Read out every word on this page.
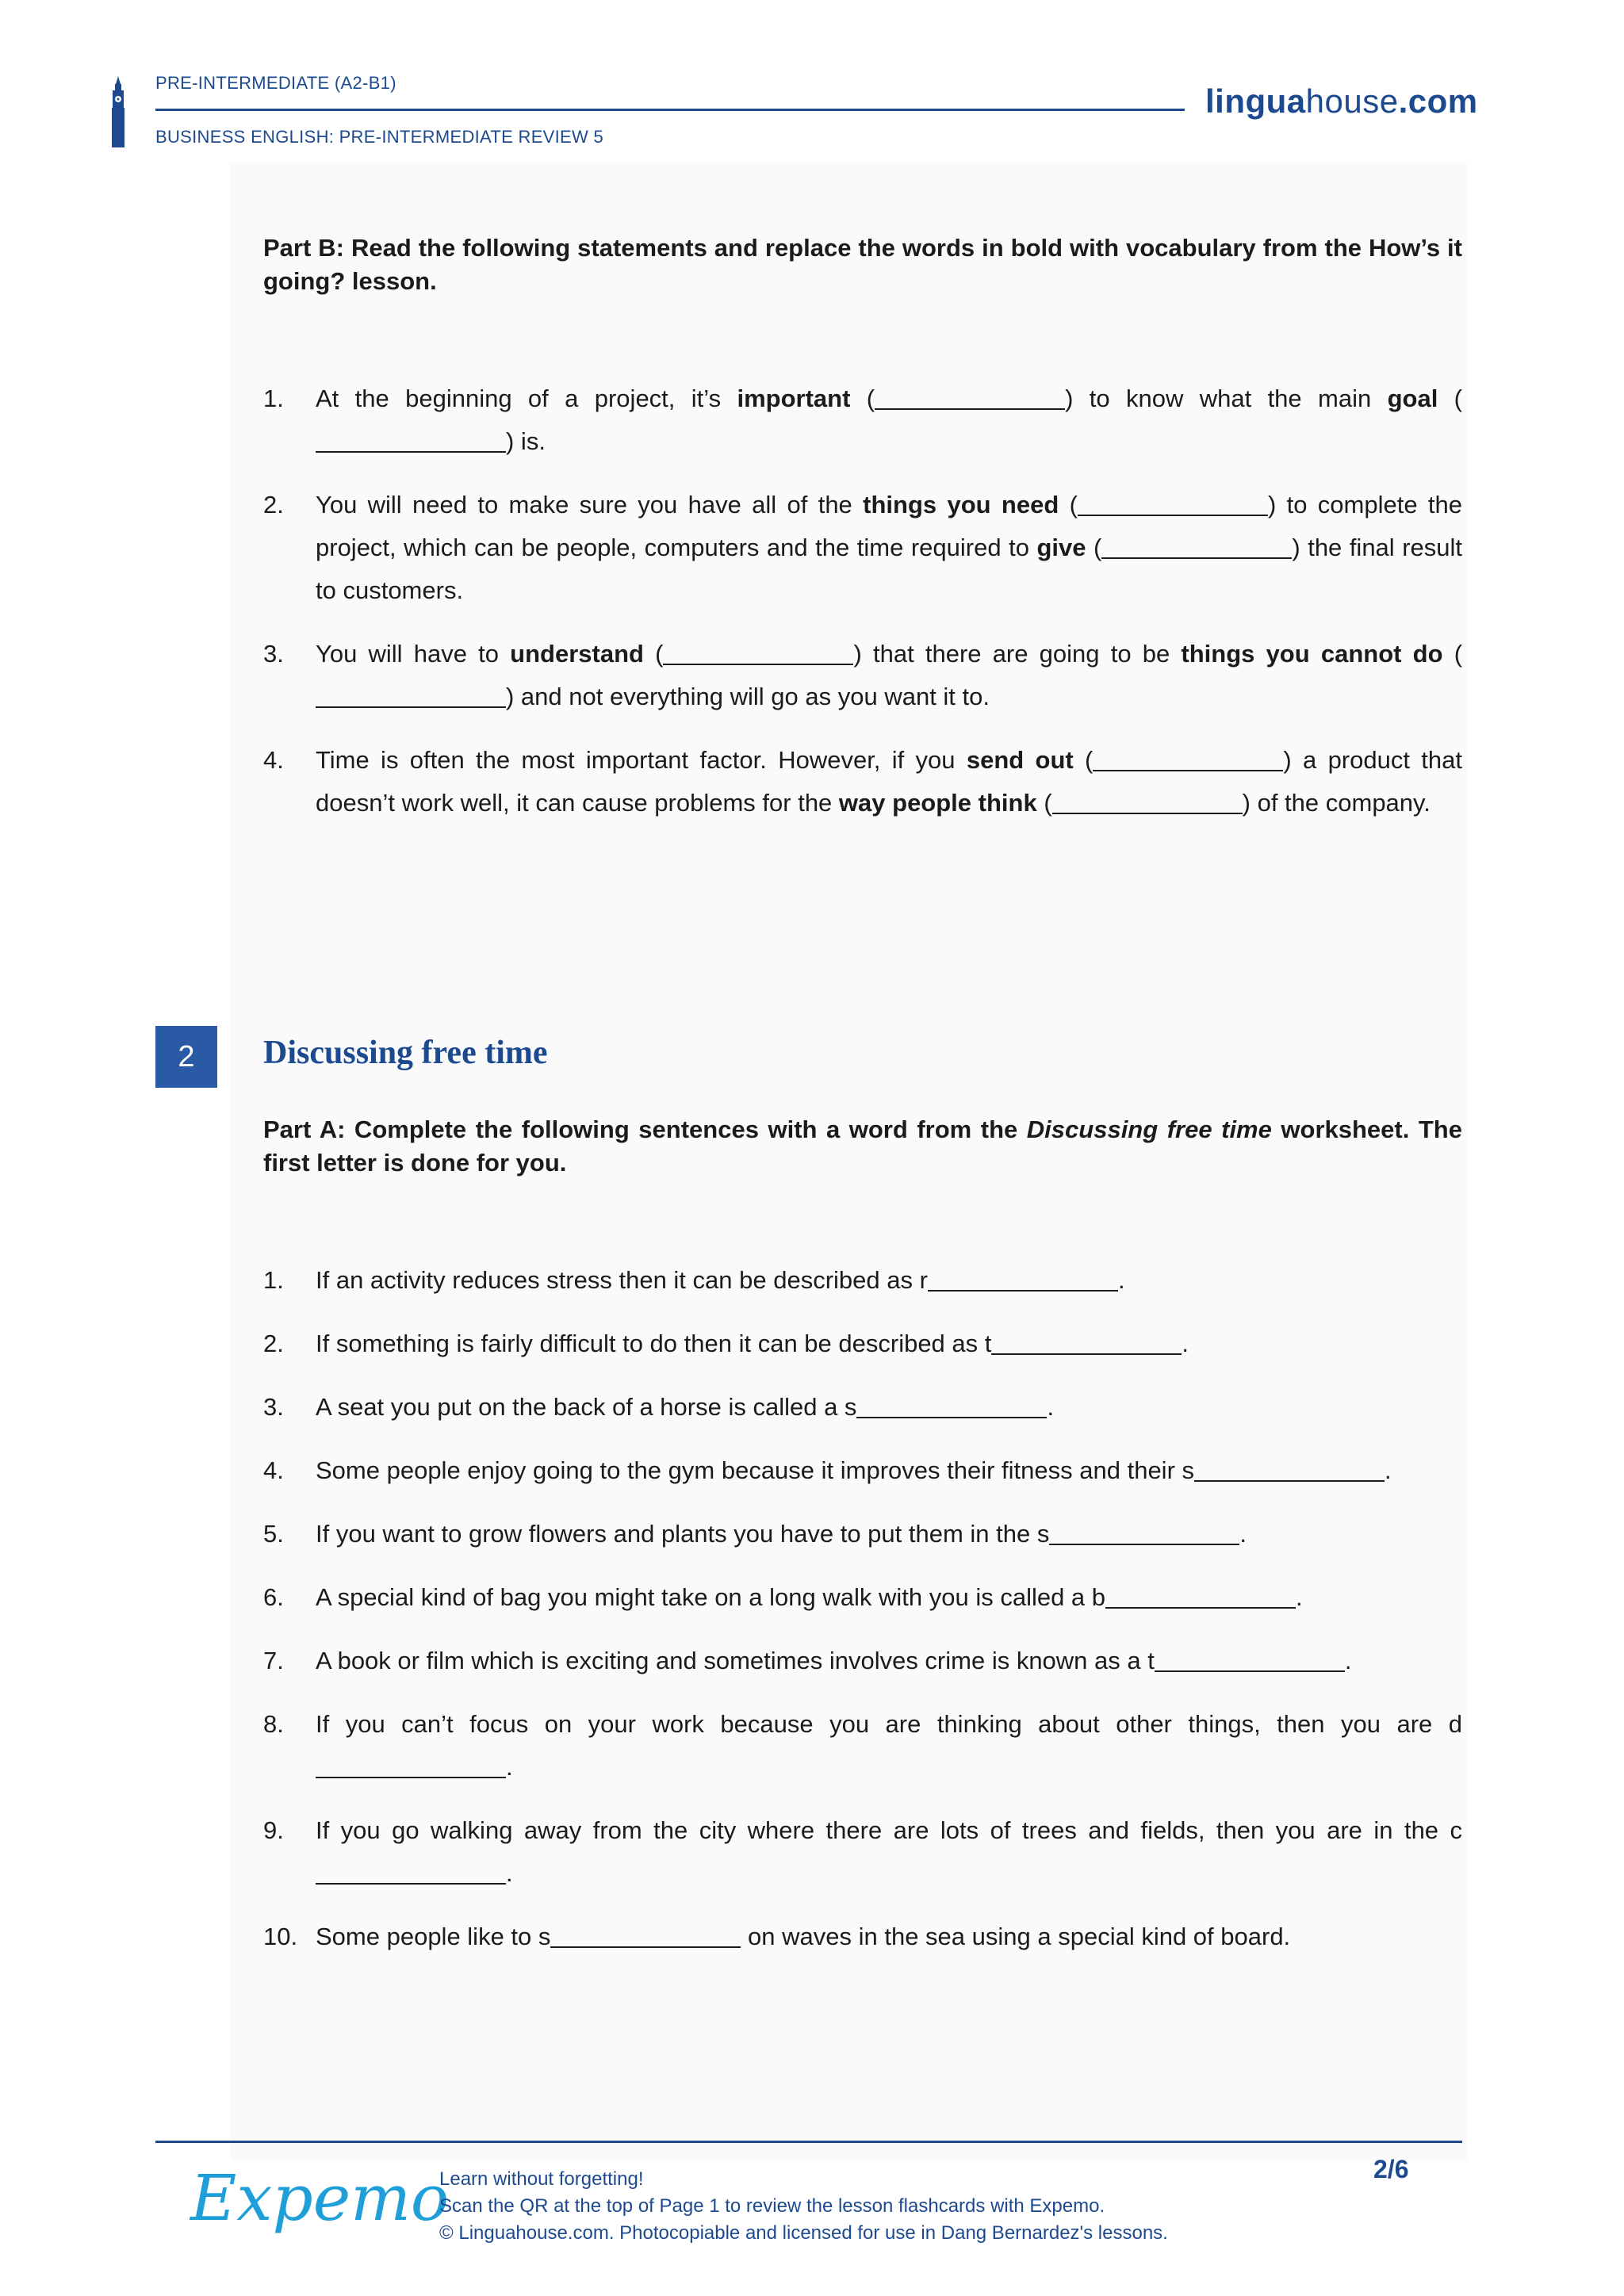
PRE-INTERMEDIATE (A2-B1)
BUSINESS ENGLISH: PRE-INTERMEDIATE REVIEW 5
linguahouse.com
Part B: Read the following statements and replace the words in bold with vocabulary from the How’s it going? lesson.
1. At the beginning of a project, it’s important (	) to know what the main goal () is.
2. You will need to make sure you have all of the things you need (	) to complete the project, which can be people, computers and the time required to give (	) the final result to customers.
3. You will have to understand (	) that there are going to be things you cannot do () and not everything will go as you want it to.
4. Time is often the most important factor. However, if you send out (	) a product that doesn’t work well, it can cause problems for the way people think (	) of the company.
2	Discussing free time
Part A: Complete the following sentences with a word from the Discussing free time worksheet. The first letter is done for you.
1. If an activity reduces stress then it can be described as r	.
2. If something is fairly difficult to do then it can be described as t	.
3. A seat you put on the back of a horse is called a s	.
4. Some people enjoy going to the gym because it improves their fitness and their s	.
5. If you want to grow flowers and plants you have to put them in the s	.
6. A special kind of bag you might take on a long walk with you is called a b	.
7. A book or film which is exciting and sometimes involves crime is known as a t	.
8. If you can’t focus on your work because you are thinking about other things, then you are d.
9. If you go walking away from the city where there are lots of trees and fields, then you are in the c.
10. Some people like to s	on waves in the sea using a special kind of board.
Expemo
Learn without forgetting!
Scan the QR at the top of Page 1 to review the lesson flashcards with Expemo.
© Linguahouse.com. Photocopiable and licensed for use in Dang Bernardez's lessons.
2/6
